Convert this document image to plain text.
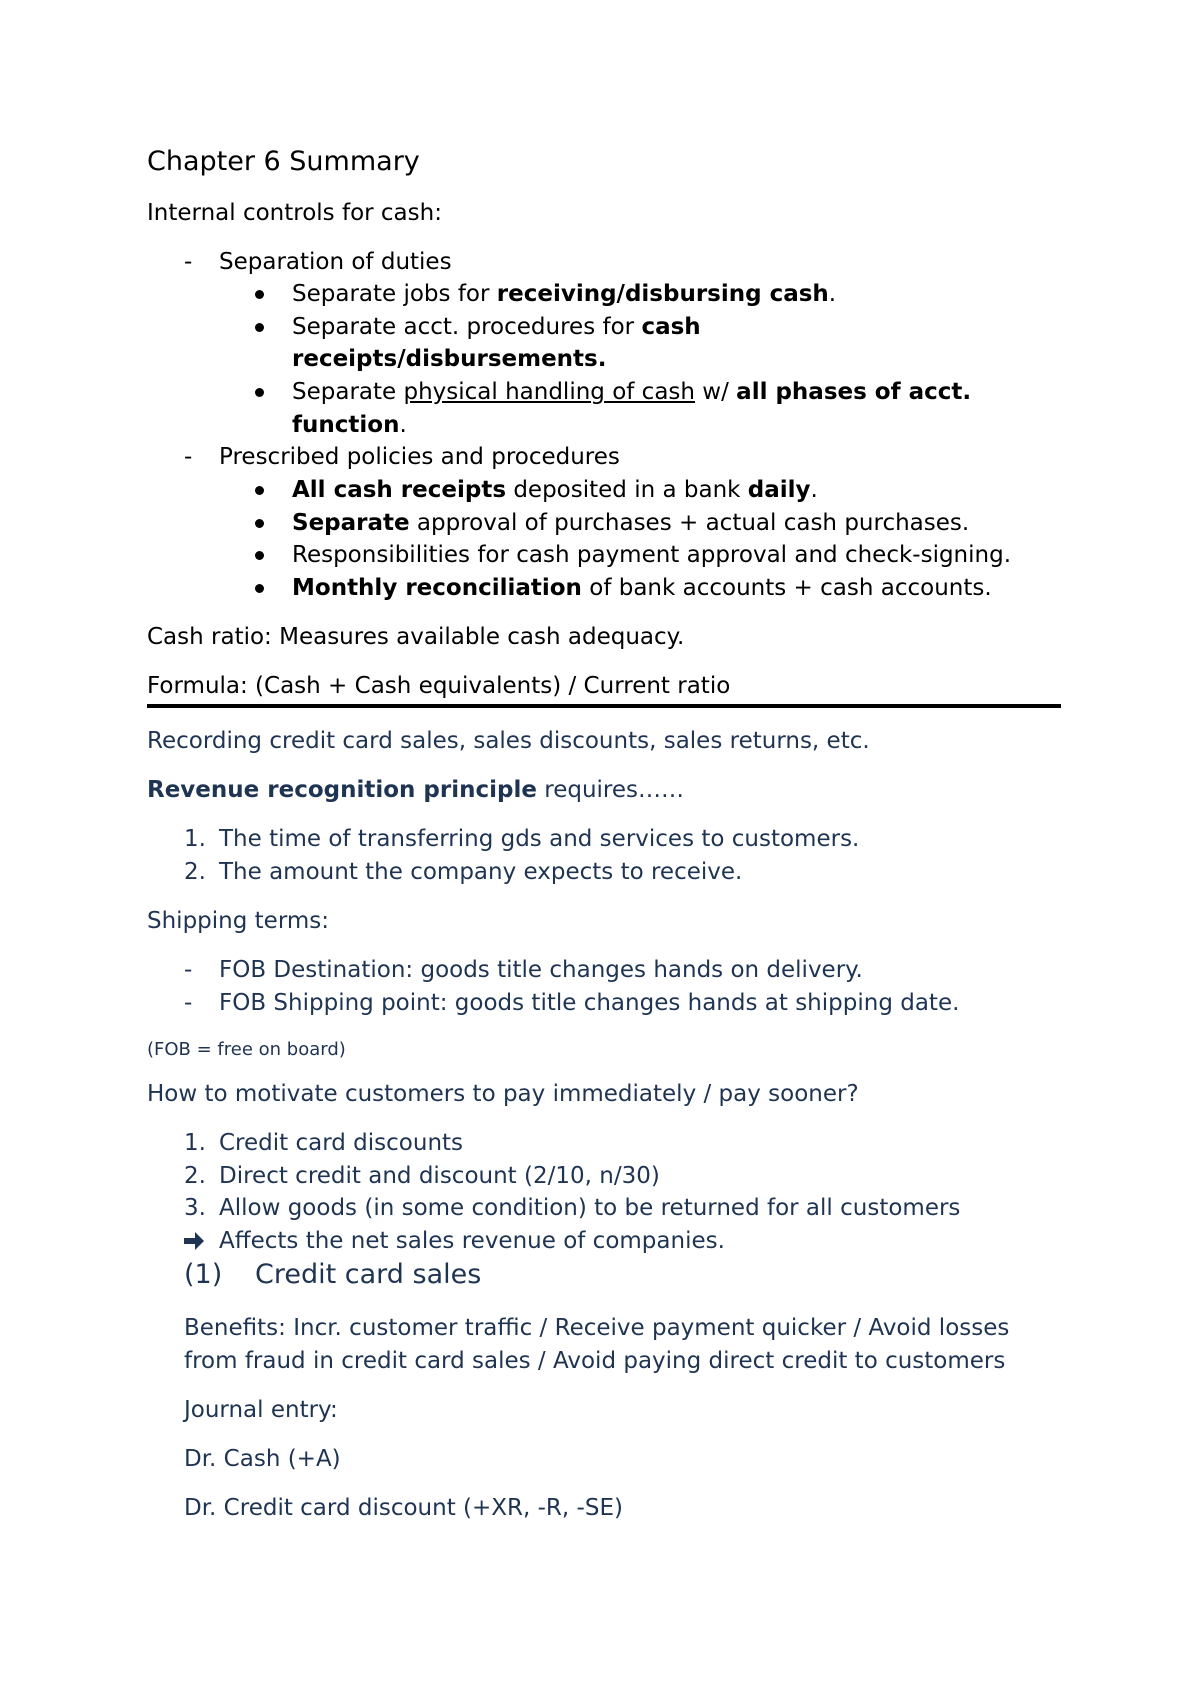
Chapter 6 Summary
Internal controls for cash:
- Separation of duties
Separate jobs for receiving/disbursing cash.
Separate acct. procedures for cash
receipts/disbursements.
Separate physical handling of cash w/ all phases of acct.
function.
- Prescribed policies and procedures
All cash receipts deposited in a bank daily.
Separate approval of purchases + actual cash purchases.
Responsibilities for cash payment approval and check-signing.
Monthly reconciliation of bank accounts + cash accounts.
Cash ratio: Measures available cash adequacy.
Formula: (Cash + Cash equivalents) / Current ratio
Recording credit card sales, sales discounts, sales returns, etc.
Revenue recognition principle requires……
1. The time of transferring gds and services to customers.
2. The amount the company expects to receive.
Shipping terms:
- FOB Destination: goods title changes hands on delivery.
- FOB Shipping point: goods title changes hands at shipping date.
(FOB = free on board)
How to motivate customers to pay immediately / pay sooner?
1. Credit card discounts
2. Direct credit and discount (2/10, n/30)
3. Allow goods (in some condition) to be returned for all customers
Affects the net sales revenue of companies.
(1) Credit card sales
Benefits: Incr. customer traffic / Receive payment quicker / Avoid losses
from fraud in credit card sales / Avoid paying direct credit to customers
Journal entry:
Dr. Cash (+A)
Dr. Credit card discount (+XR, -R, -SE)
